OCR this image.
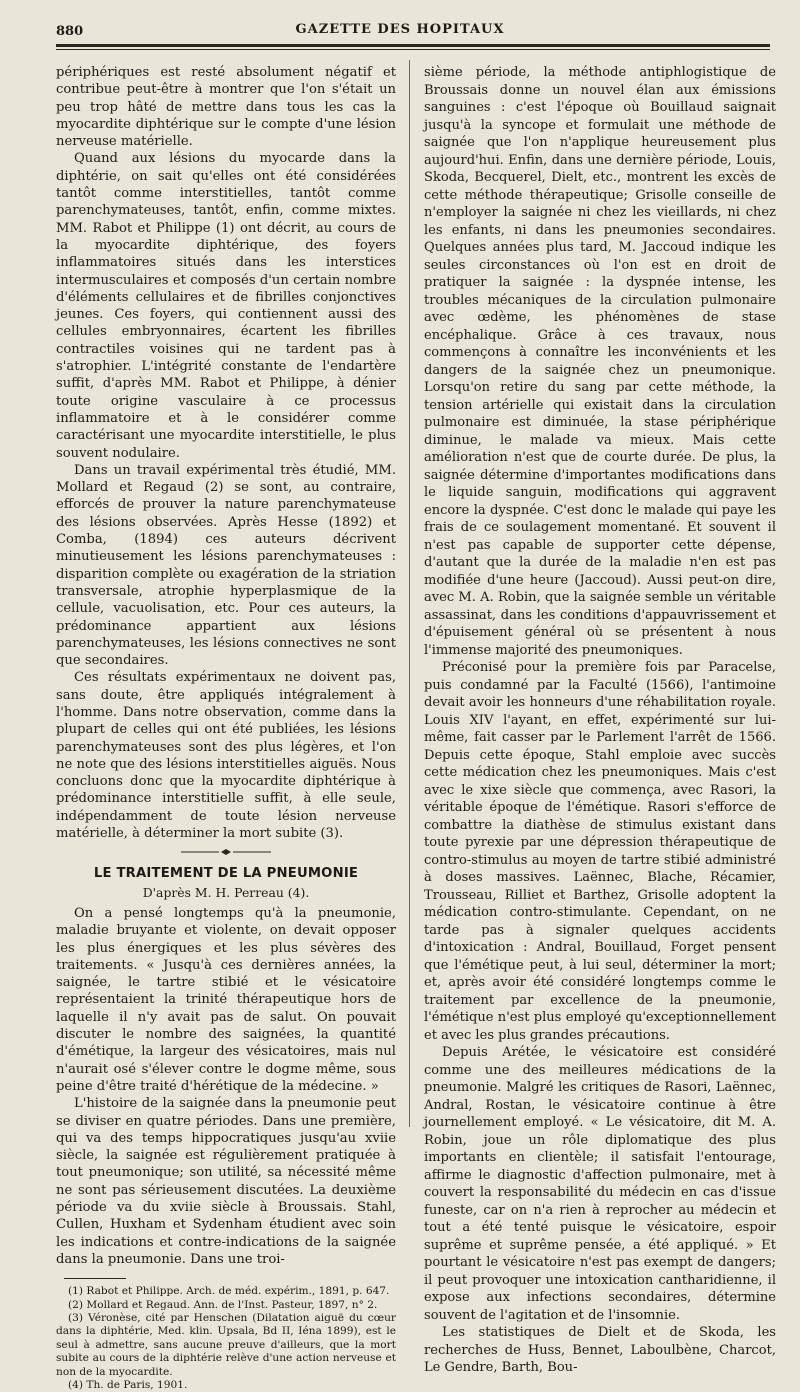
880	GAZETTE DES HOPITAUX

périphériques est resté absolument négatif et contribue peut-être à montrer que l'on s'était un peu trop hâté de mettre dans tous les cas la myocardite diphtérique sur le compte d'une lésion nerveuse matérielle.

Quand aux lésions du myocarde dans la diphtérie, on sait qu'elles ont été considérées tantôt comme interstitielles, tantôt comme parenchymateuses, tantôt, enfin, comme mixtes. MM. Rabot et Philippe (1) ont décrit, au cours de la myocardite diphtérique, des foyers inflammatoires situés dans les interstices intermusculaires et composés d'un certain nombre d'éléments cellulaires et de fibrilles conjonctives jeunes. Ces foyers, qui contiennent aussi des cellules embryonnaires, écartent les fibrilles contractiles voisines qui ne tardent pas à s'atrophier. L'intégrité constante de l'endartère suffit, d'après MM. Rabot et Philippe, à dénier toute origine vasculaire à ce processus inflammatoire et à le considérer comme caractérisant une myocardite interstitielle, le plus souvent nodulaire.

Dans un travail expérimental très étudié, MM. Mollard et Regaud (2) se sont, au contraire, efforcés de prouver la nature parenchymateuse des lésions observées. Après Hesse (1892) et Comba, (1894) ces auteurs décrivent minutieusement les lésions parenchymateuses : disparition complète ou exagération de la striation transversale, atrophie hyperplasmique de la cellule, vacuolisation, etc. Pour ces auteurs, la prédominance appartient aux lésions parenchymateuses, les lésions connectives ne sont que secondaires.

Ces résultats expérimentaux ne doivent pas, sans doute, être appliqués intégralement à l'homme. Dans notre observation, comme dans la plupart de celles qui ont été publiées, les lésions parenchymateuses sont des plus légères, et l'on ne note que des lésions interstitielles aiguës. Nous concluons donc que la myocardite diphtérique à prédominance interstitielle suffit, à elle seule, indépendamment de toute lésion nerveuse matérielle, à déterminer la mort subite (3).

LE TRAITEMENT DE LA PNEUMONIE
D'après M. H. Perreau (4).

On a pensé longtemps qu'à la pneumonie, maladie bruyante et violente, on devait opposer les plus énergiques et les plus sévères des traitements. « Jusqu'à ces dernières années, la saignée, le tartre stibié et le vésicatoire représentaient la trinité thérapeutique hors de laquelle il n'y avait pas de salut. On pouvait discuter le nombre des saignées, la quantité d'émétique, la largeur des vésicatoires, mais nul n'aurait osé s'élever contre le dogme même, sous peine d'être traité d'hérétique de la médecine. »

L'histoire de la saignée dans la pneumonie peut se diviser en quatre périodes. Dans une première, qui va des temps hippocratiques jusqu'au xviie siècle, la saignée est régulièrement pratiquée à tout pneumonique; son utilité, sa nécessité même ne sont pas sérieusement discutées. La deuxième période va du xviie siècle à Broussais. Stahl, Cullen, Huxham et Sydenham étudient avec soin les indications et contre-indications de la saignée dans la pneumonie. Dans une troi-

(1) Rabot et Philippe. Arch. de méd. expérim., 1891, p. 647.

(2) Mollard et Regaud. Ann. de l'Inst. Pasteur, 1897, n° 2.

(3) Véronèse, cité par Henschen (Dilatation aiguë du cœur dans la diphtérie, Med. klin. Upsala, Bd II, Iéna 1899), est le seul à admettre, sans aucune preuve d'ailleurs, que la mort subite au cours de la diphtérie relève d'une action nerveuse et non de la myocardite.

(4) Th. de Paris, 1901.

sième période, la méthode antiphlogistique de Broussais donne un nouvel élan aux émissions sanguines : c'est l'époque où Bouillaud saignait jusqu'à la syncope et formulait une méthode de saignée que l'on n'applique heureusement plus aujourd'hui. Enfin, dans une dernière période, Louis, Skoda, Becquerel, Dielt, etc., montrent les excès de cette méthode thérapeutique; Grisolle conseille de n'employer la saignée ni chez les vieillards, ni chez les enfants, ni dans les pneumonies secondaires. Quelques années plus tard, M. Jaccoud indique les seules circonstances où l'on est en droit de pratiquer la saignée : la dyspnée intense, les troubles mécaniques de la circulation pulmonaire avec œdème, les phénomènes de stase encéphalique. Grâce à ces travaux, nous commençons à connaître les inconvénients et les dangers de la saignée chez un pneumonique. Lorsqu'on retire du sang par cette méthode, la tension artérielle qui existait dans la circulation pulmonaire est diminuée, la stase périphérique diminue, le malade va mieux. Mais cette amélioration n'est que de courte durée. De plus, la saignée détermine d'importantes modifications dans le liquide sanguin, modifications qui aggravent encore la dyspnée. C'est donc le malade qui paye les frais de ce soulagement momentané. Et souvent il n'est pas capable de supporter cette dépense, d'autant que la durée de la maladie n'en est pas modifiée d'une heure (Jaccoud). Aussi peut-on dire, avec M. A. Robin, que la saignée semble un véritable assassinat, dans les conditions d'appauvrissement et d'épuisement général où se présentent à nous l'immense majorité des pneumoniques.

Préconisé pour la première fois par Paracelse, puis condamné par la Faculté (1566), l'antimoine devait avoir les honneurs d'une réhabilitation royale. Louis XIV l'ayant, en effet, expérimenté sur lui-même, fait casser par le Parlement l'arrêt de 1566. Depuis cette époque, Stahl emploie avec succès cette médication chez les pneumoniques. Mais c'est avec le xixe siècle que commença, avec Rasori, la véritable époque de l'émétique. Rasori s'efforce de combattre la diathèse de stimulus existant dans toute pyrexie par une dépression thérapeutique de contro-stimulus au moyen de tartre stibié administré à doses massives. Laënnec, Blache, Récamier, Trousseau, Rilliet et Barthez, Grisolle adoptent la médication contro-stimulante. Cependant, on ne tarde pas à signaler quelques accidents d'intoxication : Andral, Bouillaud, Forget pensent que l'émétique peut, à lui seul, déterminer la mort; et, après avoir été considéré longtemps comme le traitement par excellence de la pneumonie, l'émétique n'est plus employé qu'exceptionnellement et avec les plus grandes précautions.

Depuis Arétée, le vésicatoire est considéré comme une des meilleures médications de la pneumonie. Malgré les critiques de Rasori, Laënnec, Andral, Rostan, le vésicatoire continue à être journellement employé. « Le vésicatoire, dit M. A. Robin, joue un rôle diplomatique des plus importants en clientèle; il satisfait l'entourage, affirme le diagnostic d'affection pulmonaire, met à couvert la responsabilité du médecin en cas d'issue funeste, car on n'a rien à reprocher au médecin et tout a été tenté puisque le vésicatoire, espoir suprême et suprême pensée, a été appliqué. » Et pourtant le vésicatoire n'est pas exempt de dangers; il peut provoquer une intoxication cantharidienne, il expose aux infections secondaires, détermine souvent de l'agitation et de l'insomnie.

Les statistiques de Dielt et de Skoda, les recherches de Huss, Bennet, Laboulbène, Charcot, Le Gendre, Barth, Bou-
